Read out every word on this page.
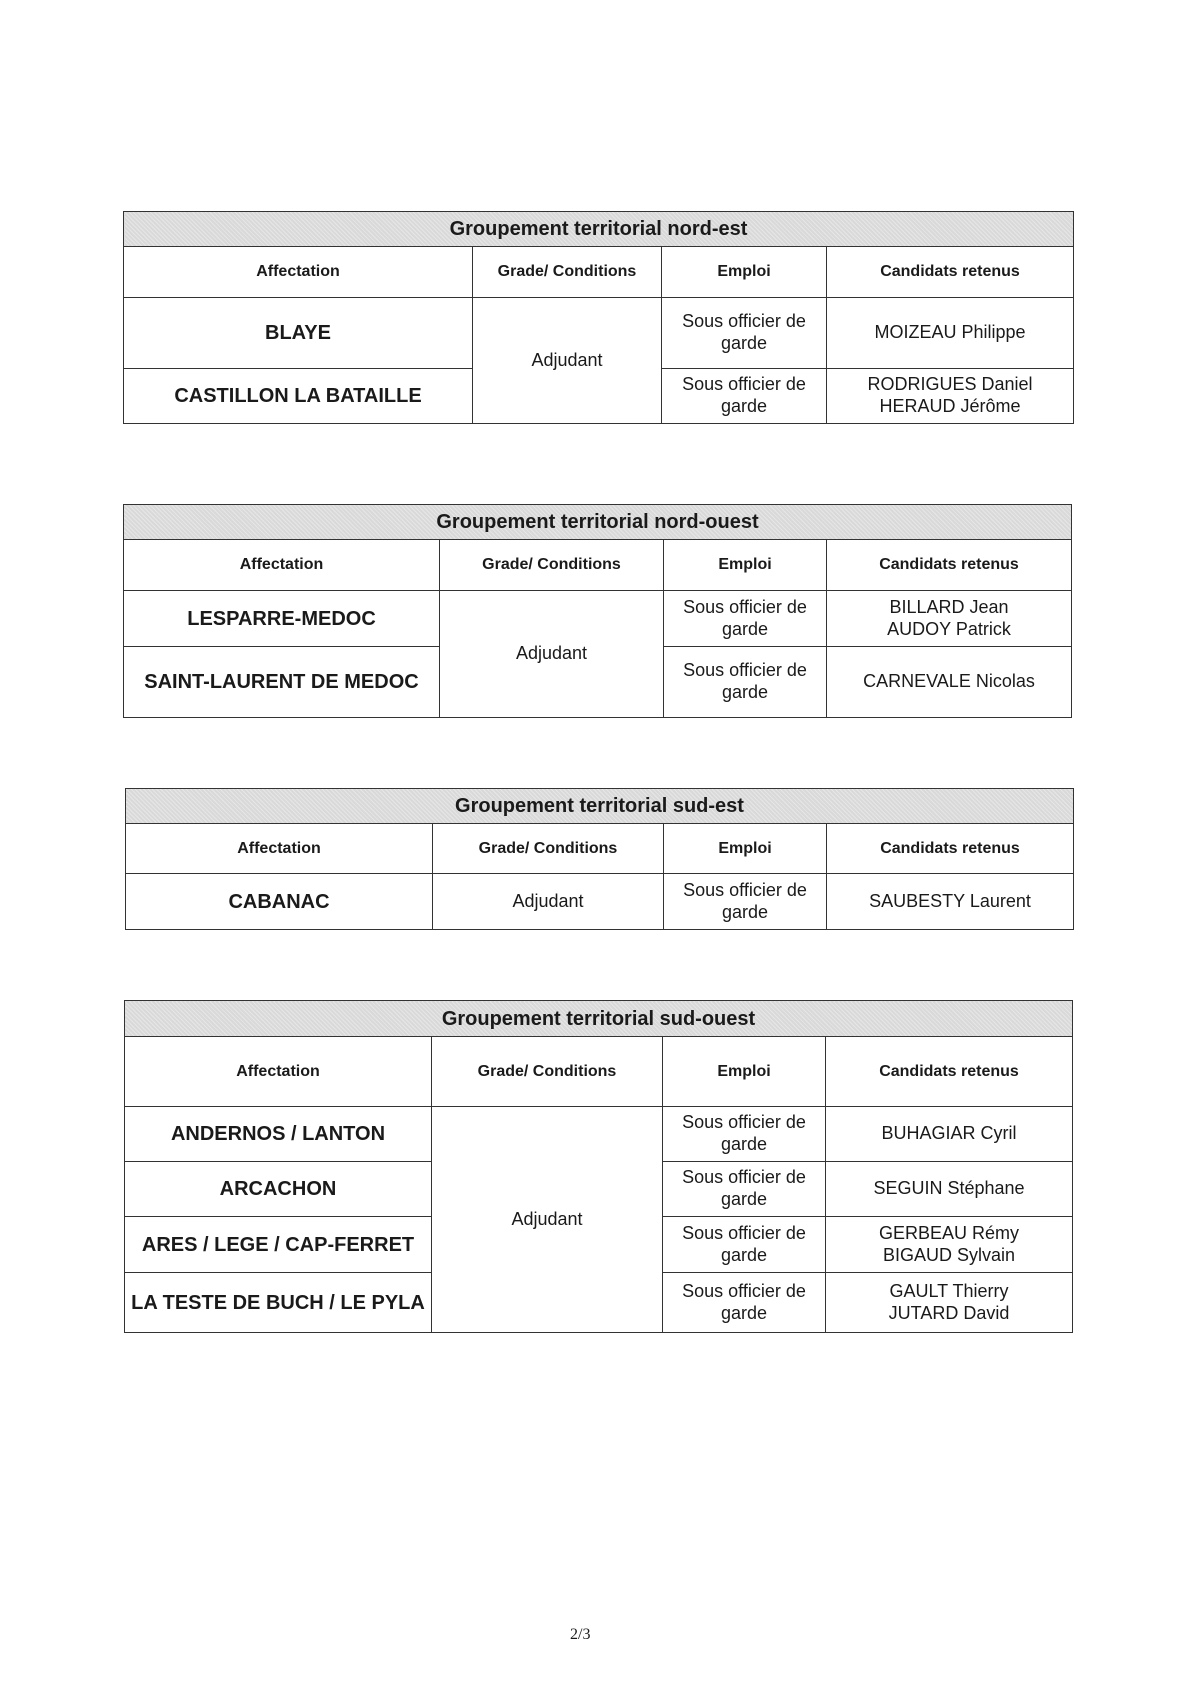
Groupement territorial nord-est			
Affectation	Grade/ Conditions	Emploi	Candidats retenus
BLAYE	Adjudant	Sous officier de garde	MOIZEAU Philippe

CASTILLON LA BATAILLE		Sous officier de garde	RODRIGUES Daniel
HERAUD Jérôme
Groupement territorial nord-ouest			
Affectation	Grade/ Conditions	Emploi	Candidats retenus
LESPARRE-MEDOC	Adjudant	Sous officier de garde	BILLARD Jean
AUDOY Patrick

SAINT-LAURENT DE MEDOC		Sous officier de garde	CARNEVALE Nicolas
Groupement territorial sud-est			
Affectation	Grade/ Conditions	Emploi	Candidats retenus
CABANAC	Adjudant	Sous officier de garde	SAUBESTY Laurent
Groupement territorial sud-ouest			
Affectation	Grade/ Conditions	Emploi	Candidats retenus
ANDERNOS / LANTON	Adjudant	Sous officier de garde	BUHAGIAR Cyril

ARCACHON		Sous officier de garde	SEGUIN Stéphane

ARES / LEGE / CAP-FERRET		Sous officier de garde	GERBEAU Rémy
BIGAUD Sylvain

LA TESTE DE BUCH / LE PYLA		Sous officier de garde	GAULT Thierry
JUTARD David
2/3
